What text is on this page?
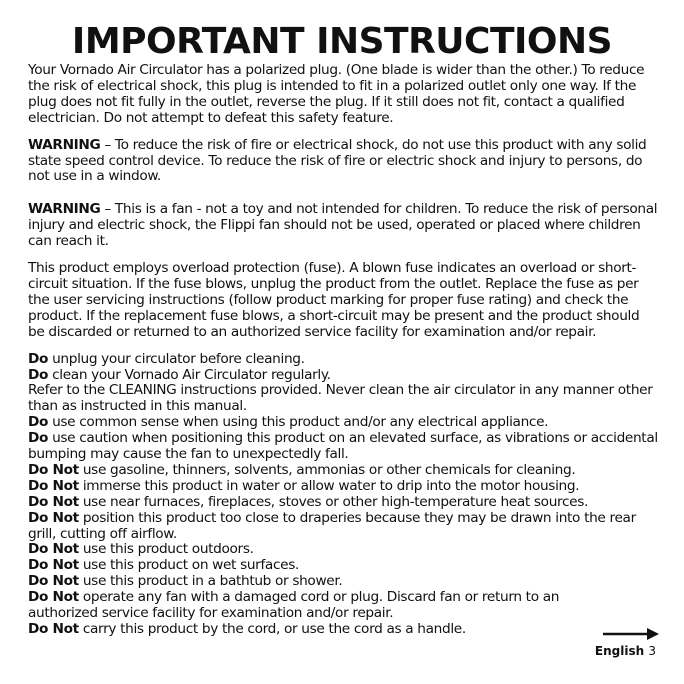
IMPORTANT INSTRUCTIONS

Your Vornado Air Circulator has a polarized plug. (One blade is wider than the other.) To reduce the risk of electrical shock, this plug is intended to fit in a polarized outlet only one way. If the plug does not fit fully in the outlet, reverse the plug. If it still does not fit, contact a qualified electrician. Do not attempt to defeat this safety feature.

WARNING – To reduce the risk of fire or electrical shock, do not use this product with any solid state speed control device. To reduce the risk of fire or electric shock and injury to persons, do not use in a window.

WARNING – This is a fan - not a toy and not intended for children. To reduce the risk of personal injury and electric shock, the Flippi fan should not be used, operated or placed where children can reach it.

This product employs overload protection (fuse). A blown fuse indicates an overload or short-circuit situation. If the fuse blows, unplug the product from the outlet. Replace the fuse as per the user servicing instructions (follow product marking for proper fuse rating) and check the product. If the replacement fuse blows, a short-circuit may be present and the product should be discarded or returned to an authorized service facility for examination and/or repair.

Do unplug your circulator before cleaning.

Do clean your Vornado Air Circulator regularly.

Refer to the CLEANING instructions provided. Never clean the air circulator in any manner other than as instructed in this manual.

Do use common sense when using this product and/or any electrical appliance.

Do use caution when positioning this product on an elevated surface, as vibrations or accidental bumping may cause the fan to unexpectedly fall.

Do Not use gasoline, thinners, solvents, ammonias or other chemicals for cleaning.

Do Not immerse this product in water or allow water to drip into the motor housing.

Do Not use near furnaces, fireplaces, stoves or other high-temperature heat sources.

Do Not position this product too close to draperies because they may be drawn into the rear grill, cutting off airflow.

Do Not use this product outdoors.

Do Not use this product on wet surfaces.

Do Not use this product in a bathtub or shower.

Do Not operate any fan with a damaged cord or plug. Discard fan or return to an authorized service facility for examination and/or repair.

Do Not carry this product by the cord, or use the cord as a handle.

English 3
